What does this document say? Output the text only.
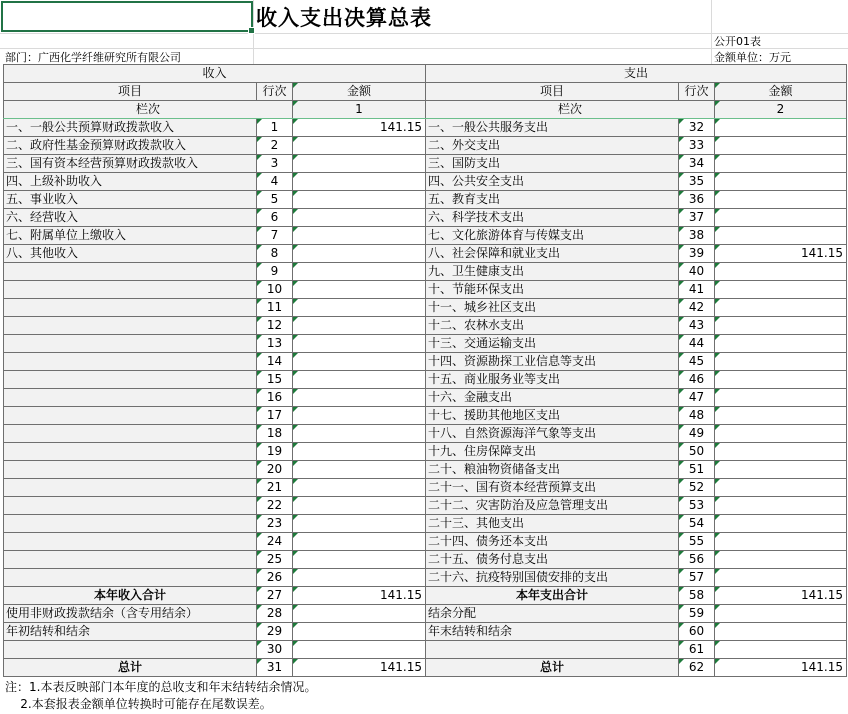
收入支出决算总表
公开01表
部门：广西化学纤维研究所有限公司	金额单位：万元
收入			支出		
项目	行次	金额	项目	行次	金额
栏次		1	栏次		2
一、一般公共预算财政拨款收入	1	141.15	一、一般公共服务支出	32	
二、政府性基金预算财政拨款收入	2		二、外交支出	33	
三、国有资本经营预算财政拨款收入	3		三、国防支出	34	
四、上级补助收入	4		四、公共安全支出	35	
五、事业收入	5		五、教育支出	36	
六、经营收入	6		六、科学技术支出	37	
七、附属单位上缴收入	7		七、文化旅游体育与传媒支出	38	
八、其他收入	8		八、社会保障和就业支出	39	141.15
	9		九、卫生健康支出	40	
	10		十、节能环保支出	41	
	11		十一、城乡社区支出	42	
	12		十二、农林水支出	43	
	13		十三、交通运输支出	44	
	14		十四、资源勘探工业信息等支出	45	
	15		十五、商业服务业等支出	46	
	16		十六、金融支出	47	
	17		十七、援助其他地区支出	48	
	18		十八、自然资源海洋气象等支出	49	
	19		十九、住房保障支出	50	
	20		二十、粮油物资储备支出	51	
	21		二十一、国有资本经营预算支出	52	
	22		二十二、灾害防治及应急管理支出	53	
	23		二十三、其他支出	54	
	24		二十四、债务还本支出	55	
	25		二十五、债务付息支出	56	
	26		二十六、抗疫特别国债安排的支出	57	
本年收入合计	27	141.15	本年支出合计	58	141.15
使用非财政拨款结余（含专用结余）	28		结余分配	59	
年初结转和结余	29		年末结转和结余	60	
	30			61	
总计	31	141.15	总计	62	141.15
注：1.本表反映部门本年度的总收支和年末结转结余情况。
2.本套报表金额单位转换时可能存在尾数误差。
